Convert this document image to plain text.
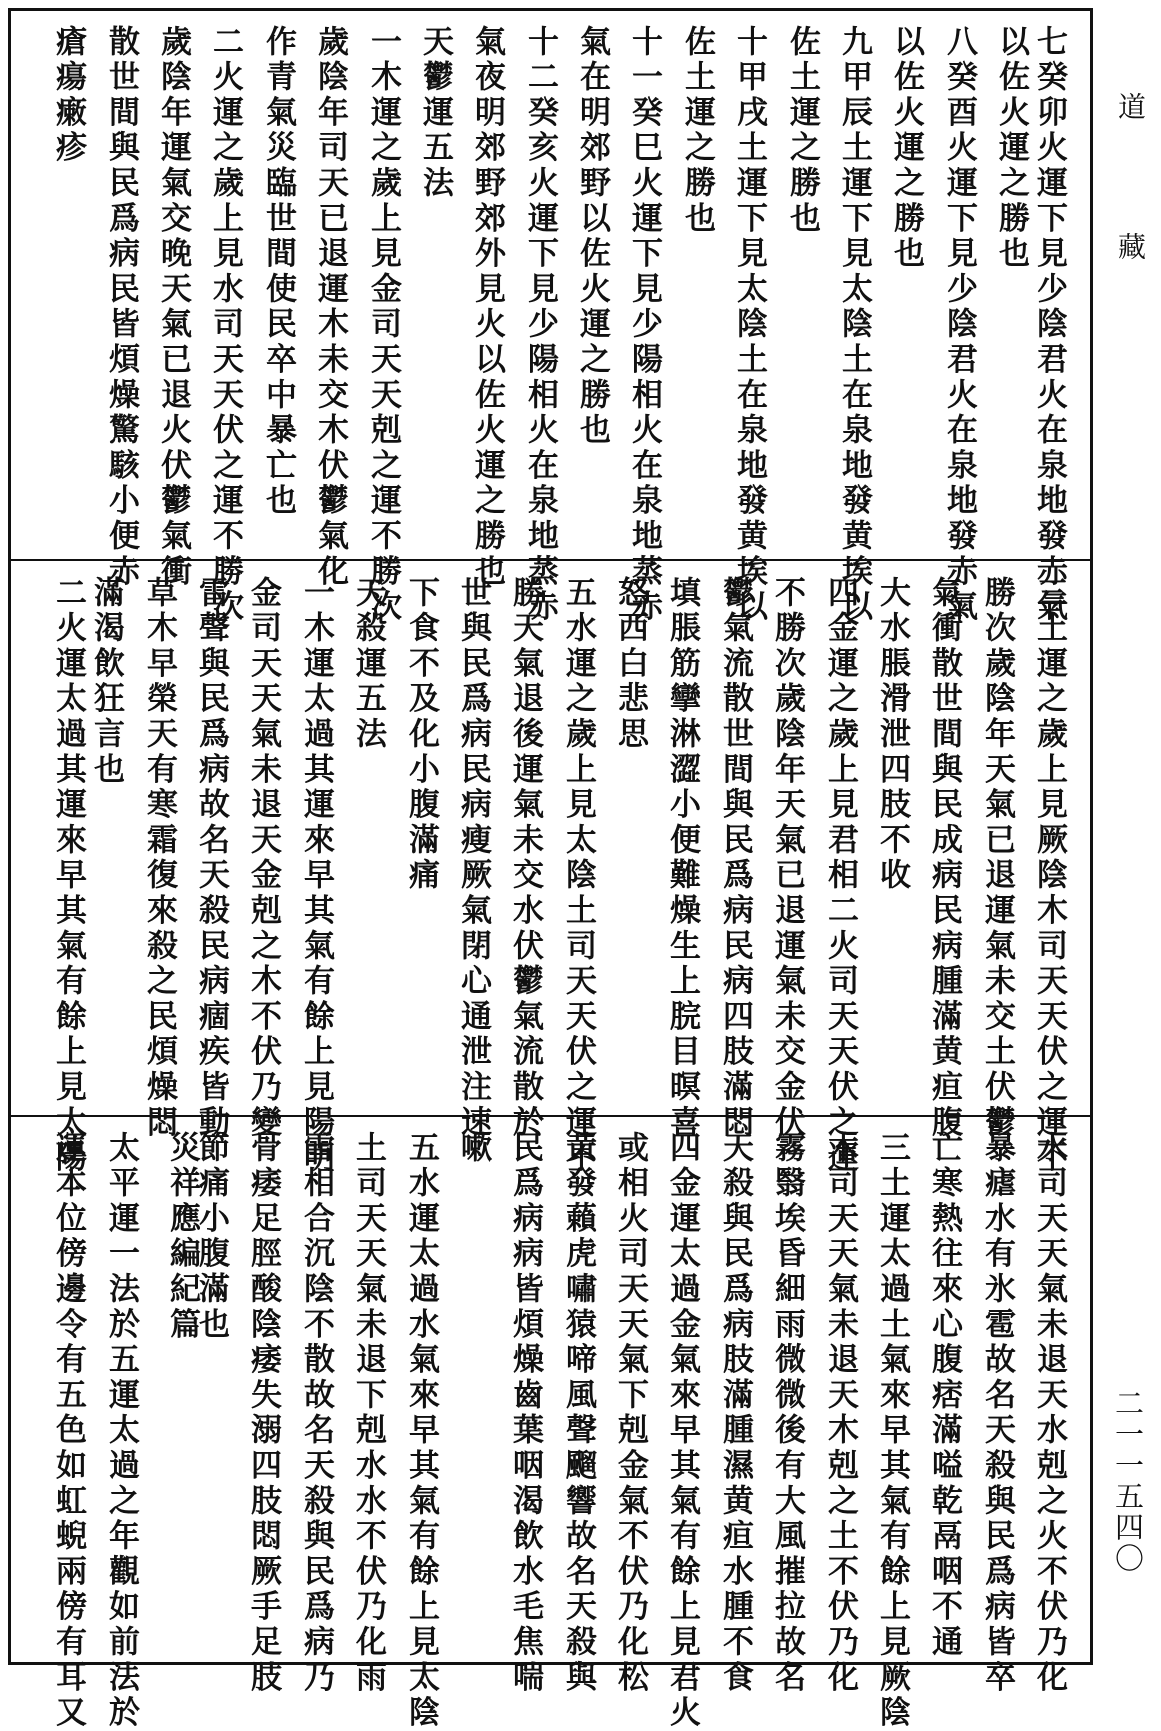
七癸卯火運下見少陰君火在泉地發赤氣
以佐火運之勝也
八癸酉火運下見少陰君火在泉地發赤氣
以佐火運之勝也
九甲辰土運下見太陰土在泉地發黄埃以
佐土運之勝也
十甲戌土運下見太陰土在泉地發黄埃以
佐土運之勝也
十一癸巳火運下見少陽相火在泉地蒸赤
氣在明郊野以佐火運之勝也
十二癸亥火運下見少陽相火在泉地蒸赤
氣夜明郊野郊外見火以佐火運之勝也
天鬱運五法
一木運之歲上見金司天天剋之運不勝次
歲陰年司天已退運木未交木伏鬱氣化
作青氣災臨世間使民卒中暴亡也
二火運之歲上見水司天天伏之運不勝次
歲陰年運氣交晚天氣已退火伏鬱氣衝
散世間與民爲病民皆煩燥驚駭小便赤
瘡瘍瘷疹
三土運之歲上見厥陰木司天天伏之運不
勝次歲陰年天氣已退運氣未交土伏鬱
氣衝散世間與民成病民病腫滿黄疸腹
大水脹滑泄四肢不收
四金運之歲上見君相二火司天天伏之運
不勝次歲陰年天氣已退運氣未交金伏
鬱氣流散世間與民爲病民病四肢滿悶
填脹筋攣淋澀小便難燥生上脘目暝喜
怒西白悲思
五水運之歲上見太陰土司天天伏之運不
勝天氣退後運氣未交水伏鬱氣流散於
世與民爲病民病瘦厥氣閉心通泄注速
下食不及化小腹滿痛
天殺運五法
一木運太過其運來早其氣有餘上見陽明
金司天天氣未退天金剋之木不伏乃變
雷聲與民爲病故名天殺民病痼疾皆動
草木早榮天有寒霜復來殺之民煩燥悶
滿渴飲狂言也
二火運太過其運來早其氣有餘上見太陽
水司天天氣未退天水剋之火不伏乃化
暴瘧水有氷雹故名天殺與民爲病皆卒
亡寒熱往來心腹痞滿嗌乾鬲咽不通
三土運太過土氣來早其氣有餘上見厥陰
木司天天氣未退天木剋之土不伏乃化
霧翳埃昏細雨微微後有大風摧拉故名
天殺與民爲病肢滿腫濕黄疸水腫不食
四金運太過金氣來早其氣有餘上見君火
或相火司天天氣下剋金氣不伏乃化松
黄發藾虎嘯猿啼風聲飀響故名天殺與
民爲病病皆煩燥齒葉咽渴飲水毛焦喘
嗽
五水運太過水氣來早其氣有餘上見太陰
土司天天氣未退下剋水水不伏乃化雨
雪相合沉陰不散故名天殺與民爲病乃
骨痿足脛酸陰痿失溺四肢悶厥手足肢
節痛小腹滿也
災祥應編紀篇
太平運一法於五運太過之年觀如前法於
運本位傍邊令有五色如虹蜺兩傍有耳又
道藏
二一一五四〇
